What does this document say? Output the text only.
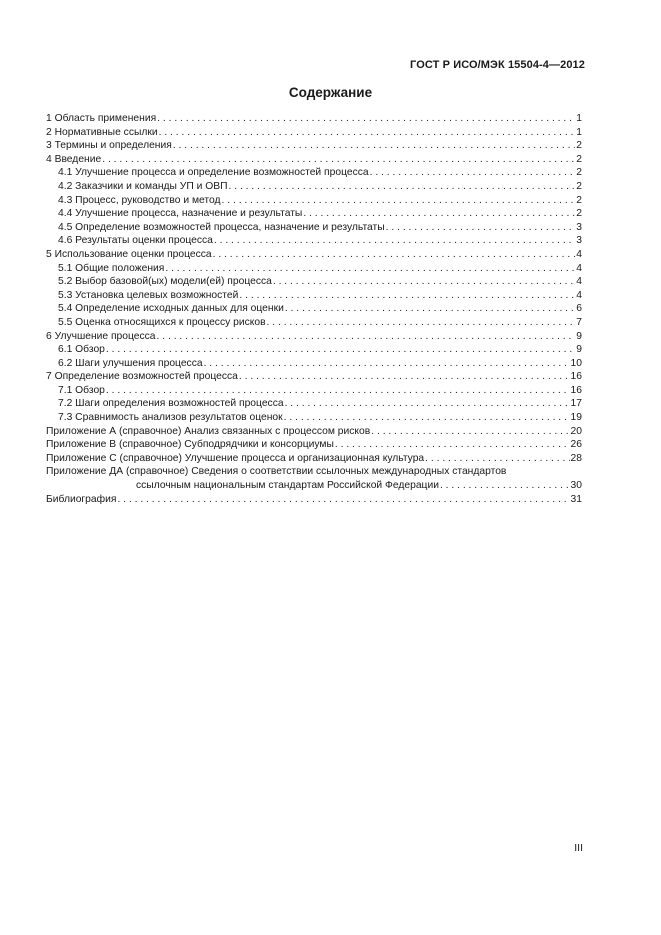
ГОСТ Р ИСО/МЭК 15504-4—2012
Содержание
1 Область применения . . .	1
2 Нормативные ссылки . . .	1
3 Термины и определения . . .	2
4 Введение . . .	2
4.1 Улучшение процесса и определение возможностей процесса . . .	2
4.2 Заказчики и команды УП и ОВП . . .	2
4.3 Процесс, руководство и метод . . .	2
4.4 Улучшение процесса, назначение и результаты . . .	2
4.5 Определение возможностей процесса, назначение и результаты . . .	3
4.6 Результаты оценки процесса . . .	3
5 Использование оценки процесса . . .	4
5.1 Общие положения . . .	4
5.2 Выбор базовой(ых) модели(ей) процесса . . .	4
5.3 Установка целевых возможностей . . .	4
5.4 Определение исходных данных для оценки . . .	6
5.5 Оценка относящихся к процессу рисков . . .	7
6 Улучшение процесса . . .	9
6.1 Обзор . . .	9
6.2 Шаги улучшения процесса . . .	10
7 Определение возможностей процесса . . .	16
7.1 Обзор . . .	16
7.2 Шаги определения возможностей процесса . . .	17
7.3 Сравнимость анализов результатов оценок . . .	19
Приложение А (справочное) Анализ связанных с процессом рисков . . .	20
Приложение В (справочное) Субподрядчики и консорциумы . . .	26
Приложение С (справочное) Улучшение процесса и организационная культура . . .	28
Приложение ДА (справочное) Сведения о соответствии ссылочных международных стандартов
ссылочным национальным стандартам Российской Федерации . . .	30
Библиография . . .	31
III
